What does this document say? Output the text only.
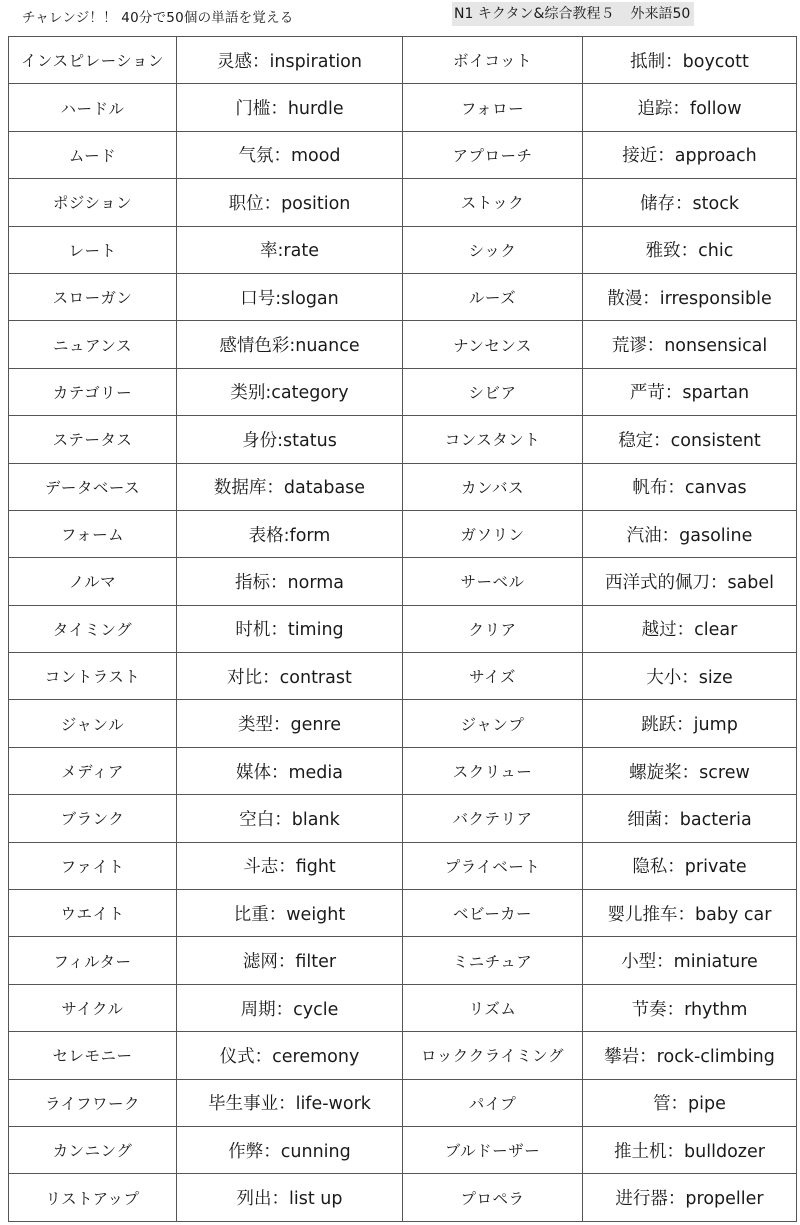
チャレンジ！！ 40分で50個の単語を覚える	N1 キクタン&综合教程５ 外来語50
インスピレーション	灵感：inspiration	ボイコット	抵制：boycott
ハードル	门槛：hurdle	フォロー	追踪：follow
ムード	气氛：mood	アプローチ	接近：approach
ポジション	职位：position	ストック	储存：stock
レート	率:rate	シック	雅致：chic
スローガン	口号:slogan	ルーズ	散漫：irresponsible
ニュアンス	感情色彩:nuance	ナンセンス	荒谬：nonsensical
カテゴリー	类别:category	シビア	严苛：spartan
ステータス	身份:status	コンスタント	稳定：consistent
データベース	数据库：database	カンバス	帆布：canvas
フォーム	表格:form	ガソリン	汽油：gasoline
ノルマ	指标：norma	サーベル	西洋式的佩刀：sabel
タイミング	时机：timing	クリア	越过：clear
コントラスト	对比：contrast	サイズ	大小：size
ジャンル	类型：genre	ジャンプ	跳跃：jump
メディア	媒体：media	スクリュー	螺旋桨：screw
ブランク	空白：blank	バクテリア	细菌：bacteria
ファイト	斗志：fight	プライベート	隐私：private
ウエイト	比重：weight	ベビーカー	婴儿推车：baby car
フィルター	滤网：filter	ミニチュア	小型：miniature
サイクル	周期：cycle	リズム	节奏：rhythm
セレモニー	仪式：ceremony	ロッククライミング	攀岩：rock-climbing
ライフワーク	毕生事业：life-work	パイプ	管：pipe
カンニング	作弊：cunning	ブルドーザー	推土机：bulldozer
リストアップ	列出：list up	プロペラ	进行器：propeller
